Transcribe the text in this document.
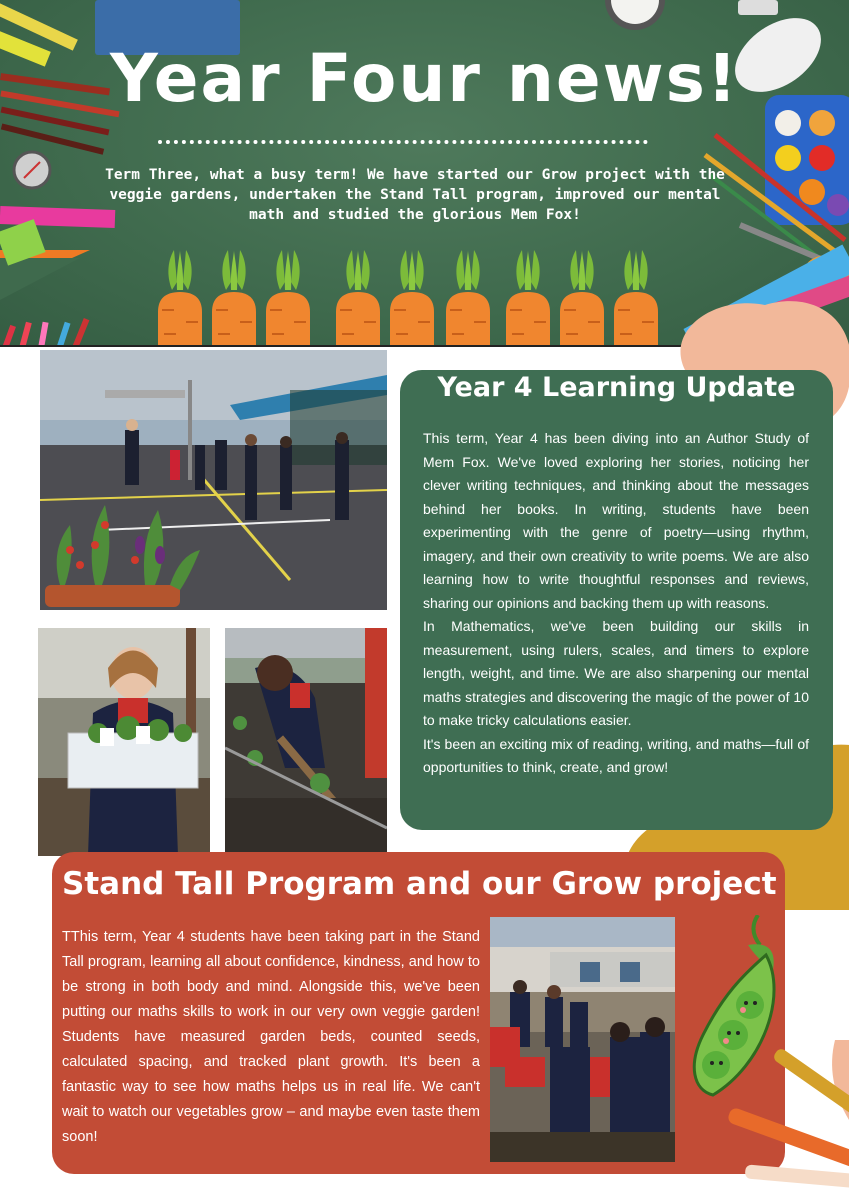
Year Four news!
Term Three, what a busy term! We have started our Grow project with the veggie gardens, undertaken the Stand Tall program, improved our mental math and studied the glorious Mem Fox!
Year 4 Learning Update

This term, Year 4 has been diving into an Author Study of Mem Fox. We've loved exploring her stories, noticing her clever writing techniques, and thinking about the messages behind her books. In writing, students have been experimenting with the genre of poetry—using rhythm, imagery, and their own creativity to write poems. We are also learning how to write thoughtful responses and reviews, sharing our opinions and backing them up with reasons.

In Mathematics, we've been building our skills in measurement, using rulers, scales, and timers to explore length, weight, and time. We are also sharpening our mental maths strategies and discovering the magic of the power of 10 to make tricky calculations easier.

It's been an exciting mix of reading, writing, and maths—full of opportunities to think, create, and grow!

Stand Tall Program and our Grow project
TThis term, Year 4 students have been taking part in the Stand Tall program, learning all about confidence, kindness, and how to be strong in both body and mind. Alongside this, we've been putting our maths skills to work in our very own veggie garden! Students have measured garden beds, counted seeds, calculated spacing, and tracked plant growth. It's been a fantastic way to see how maths helps us in real life. We can't wait to watch our vegetables grow – and maybe even taste them soon!
